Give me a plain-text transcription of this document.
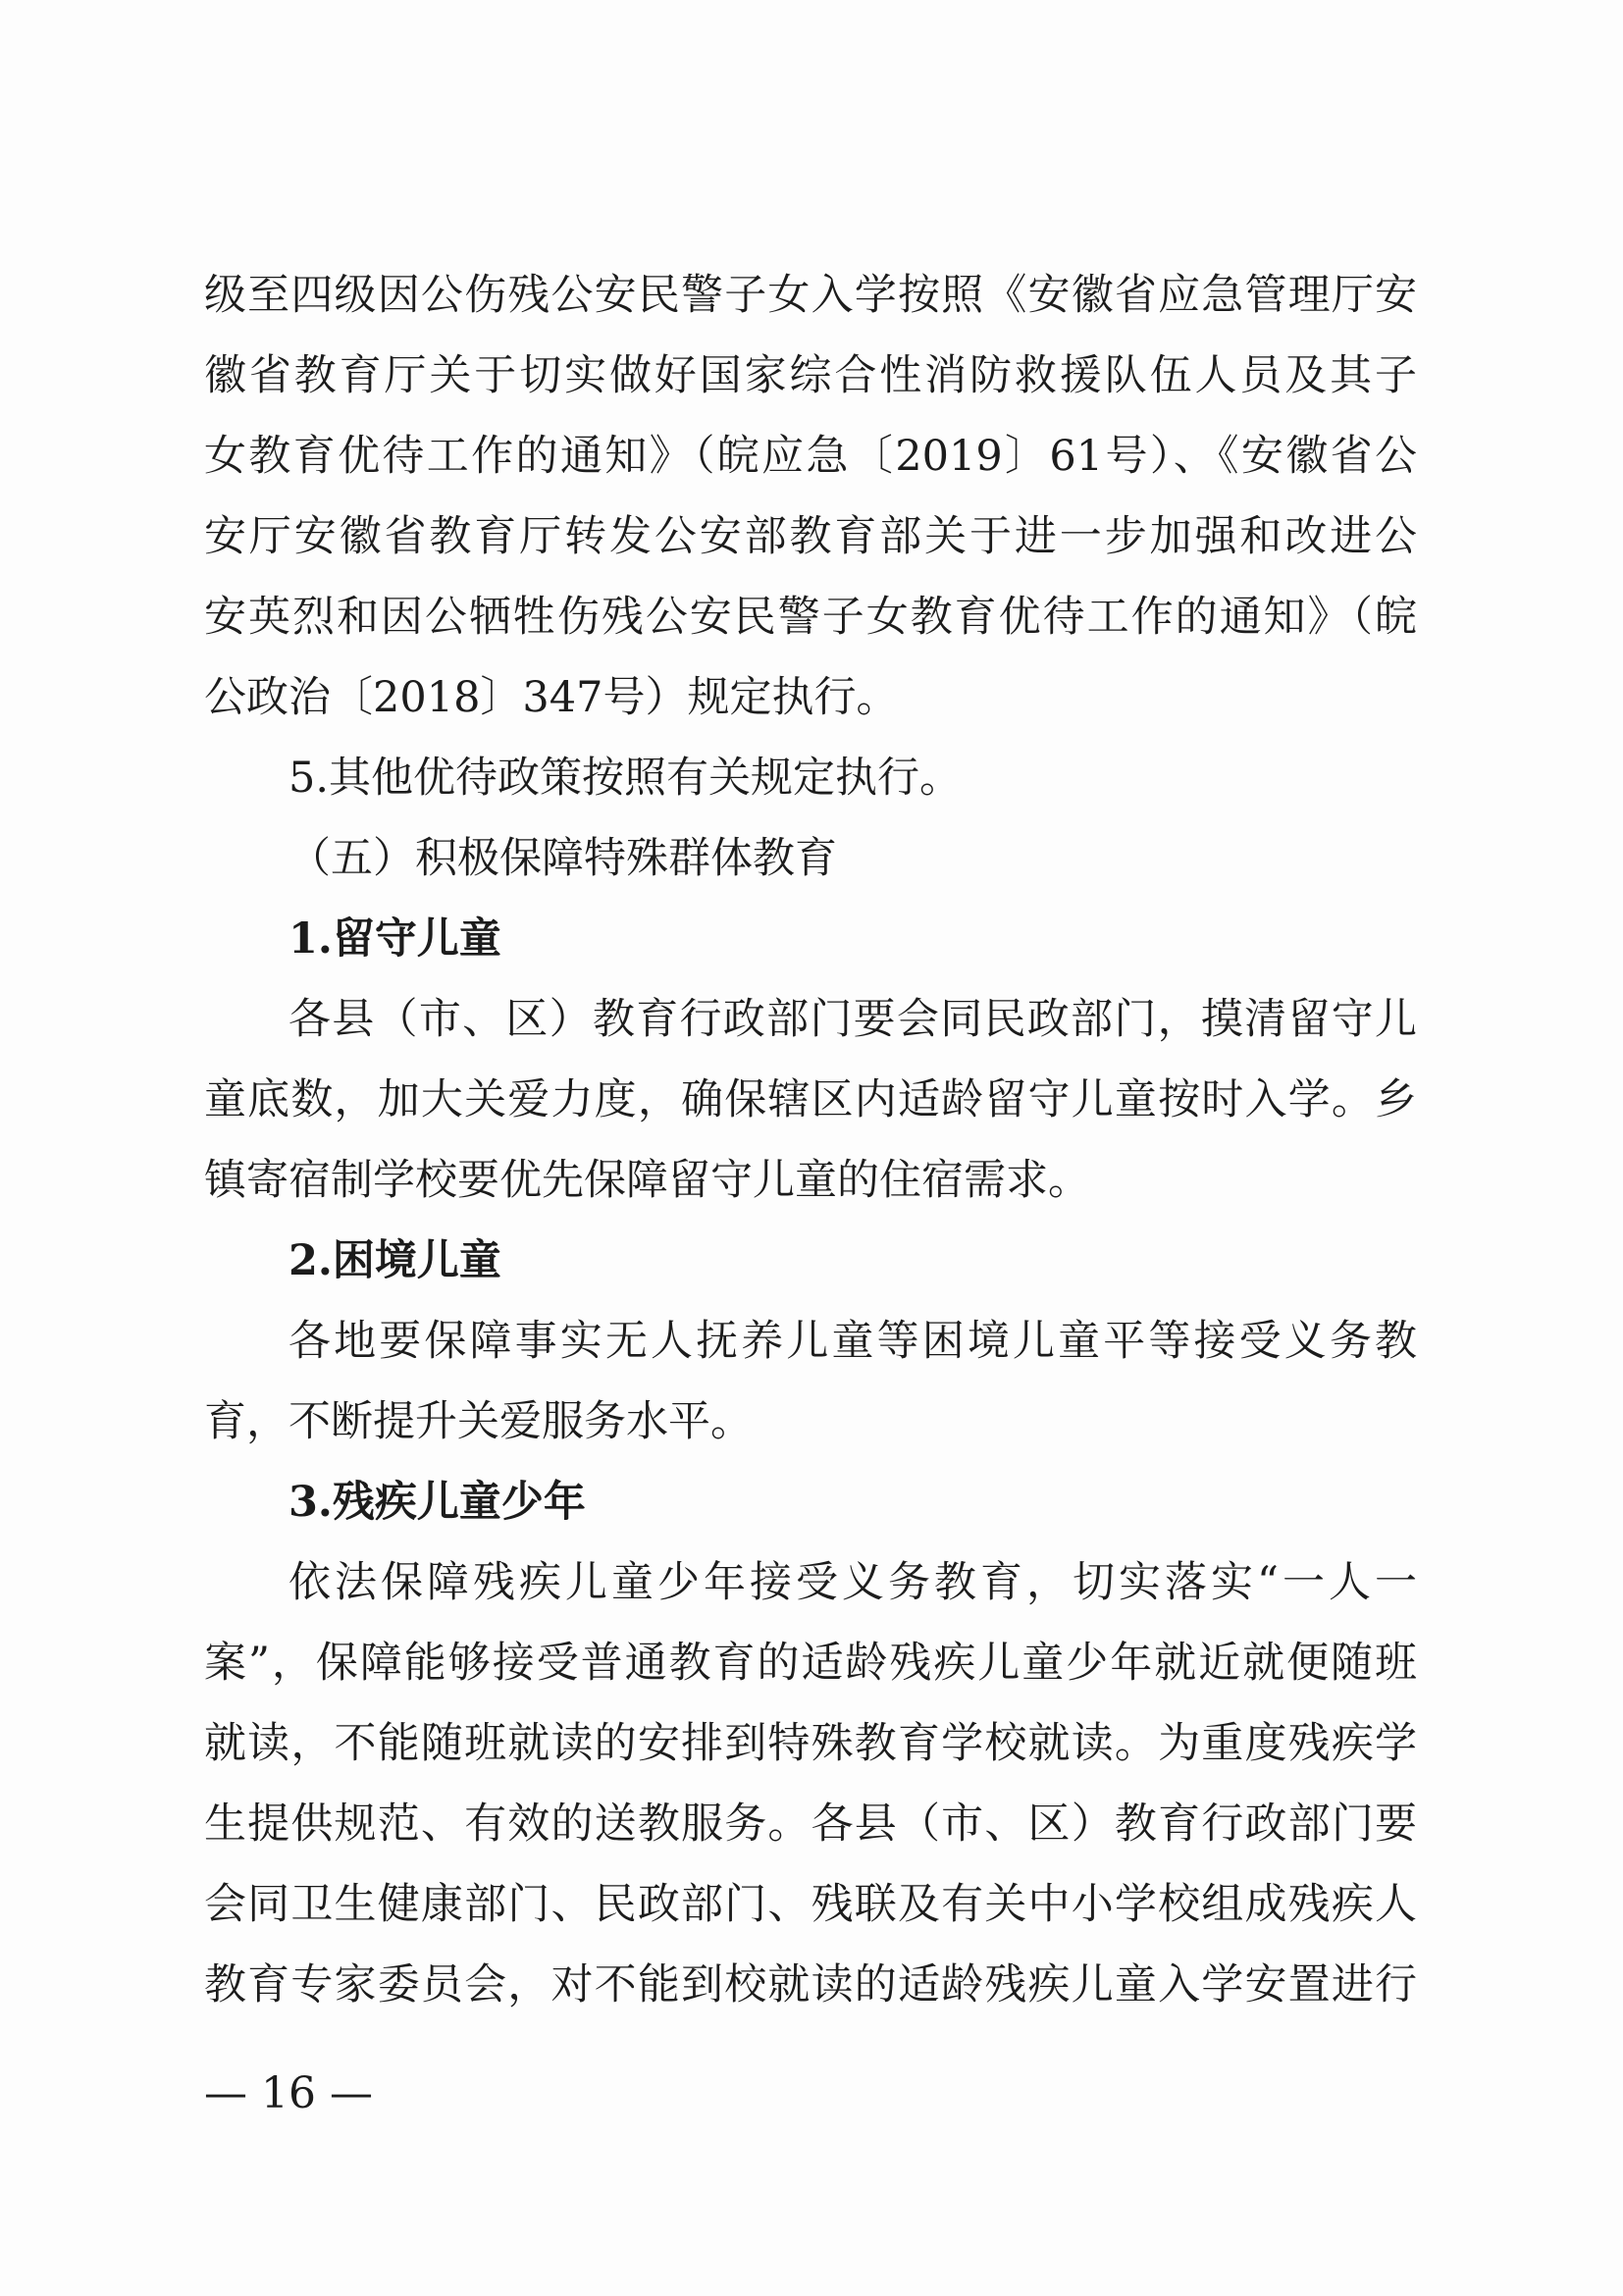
级至四级因公伤残公安民警子女入学按照《安徽省应急管理厅安
徽省教育厅关于切实做好国家综合性消防救援队伍人员及其子
女教育优待工作的通知》（皖应急〔2019〕61号）、《安徽省公
安厅安徽省教育厅转发公安部教育部关于进一步加强和改进公
安英烈和因公牺牲伤残公安民警子女教育优待工作的通知》（皖
公政治〔2018〕347号）规定执行。
5.其他优待政策按照有关规定执行。
（五）积极保障特殊群体教育
1.留守儿童
各县（市、区）教育行政部门要会同民政部门，摸清留守儿
童底数，加大关爱力度，确保辖区内适龄留守儿童按时入学。乡
镇寄宿制学校要优先保障留守儿童的住宿需求。
2.困境儿童
各地要保障事实无人抚养儿童等困境儿童平等接受义务教
育，不断提升关爱服务水平。
3.残疾儿童少年
依法保障残疾儿童少年接受义务教育，切实落实“一人一
案”，保障能够接受普通教育的适龄残疾儿童少年就近就便随班
就读，不能随班就读的安排到特殊教育学校就读。为重度残疾学
生提供规范、有效的送教服务。各县（市、区）教育行政部门要
会同卫生健康部门、民政部门、残联及有关中小学校组成残疾人
教育专家委员会，对不能到校就读的适龄残疾儿童入学安置进行
— 16 —
